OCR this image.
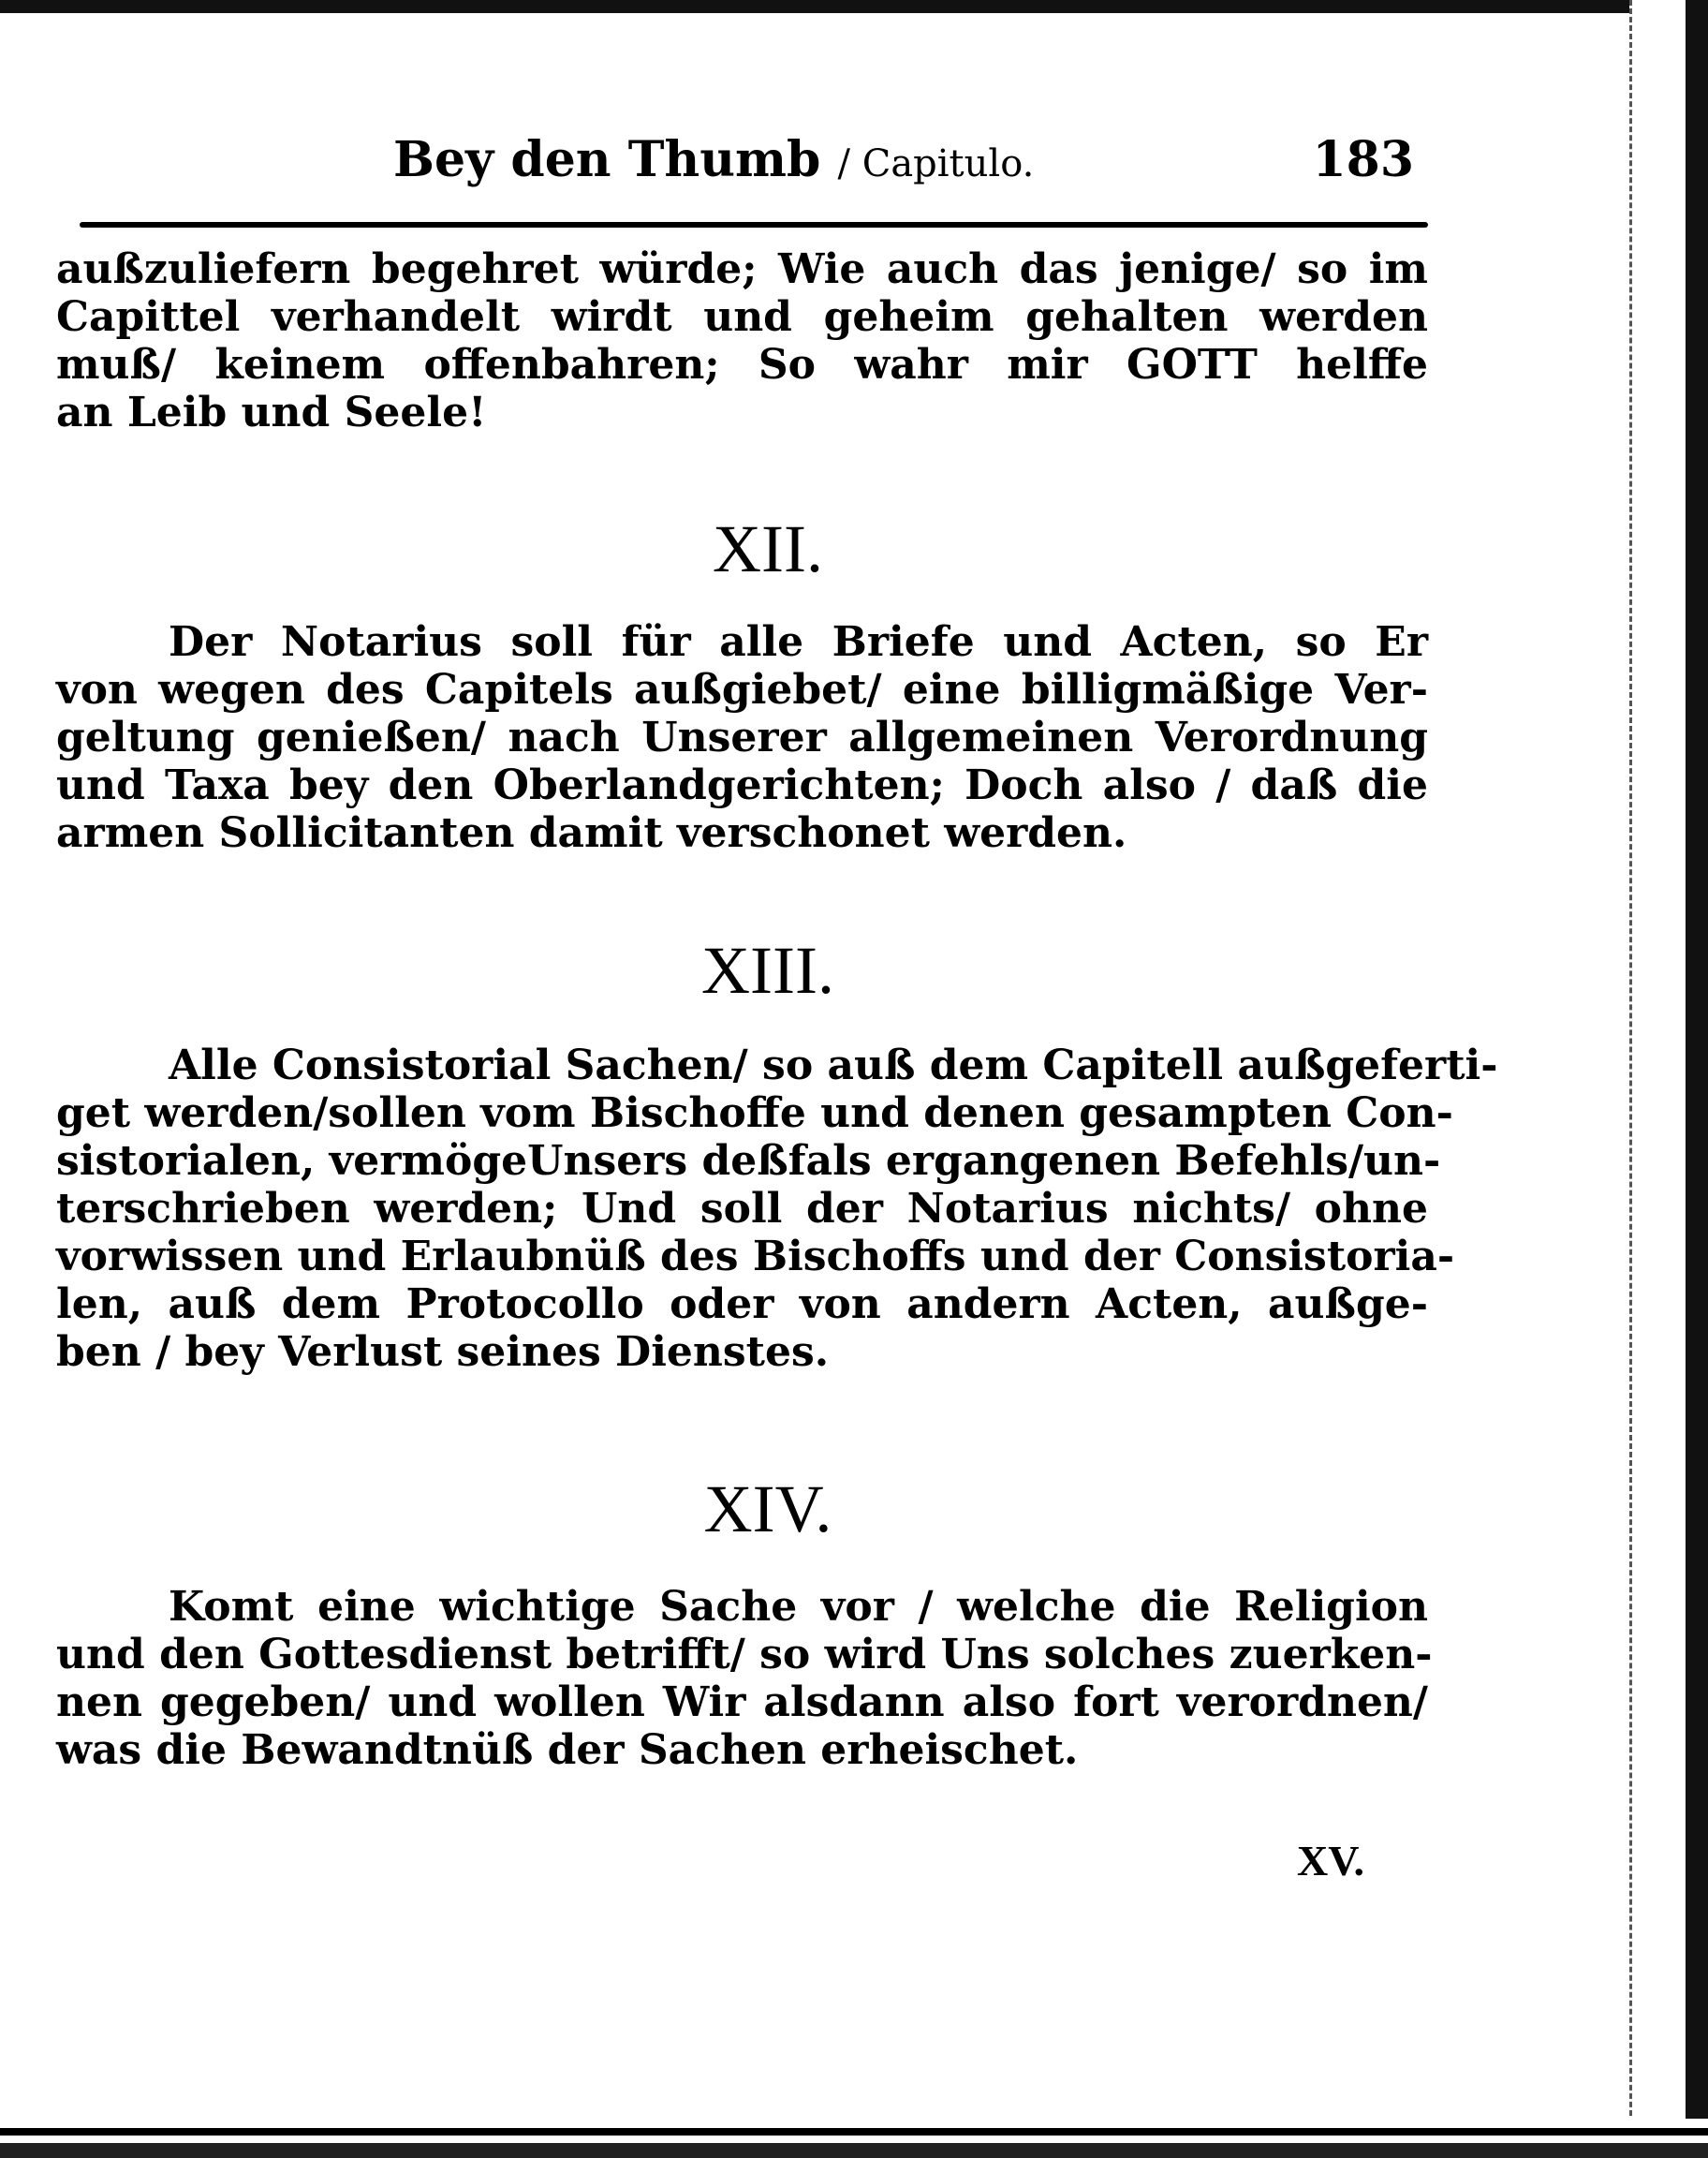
Bey den Thumb / Capitulo.	183
außzuliefern begehret würde; Wie auch das jenige/ so im
Capittel verhandelt wirdt und geheim gehalten werden
muß/ keinem offenbahren; So wahr mir GOTT helffe
an Leib und Seele!
XII.
Der Notarius soll für alle Briefe und Acten, so Er
von wegen des Capitels außgiebet/ eine billigmäßige Ver-
geltung genießen/ nach Unserer allgemeinen Verordnung
und Taxa bey den Oberlandgerichten; Doch also / daß die
armen Sollicitanten damit verschonet werden.
XIII.
Alle Consistorial Sachen/ so auß dem Capitell außgeferti-
get werden/sollen vom Bischoffe und denen gesampten Con-
sistorialen, vermögeUnsers deßfals ergangenen Befehls/un-
terschrieben werden; Und soll der Notarius nichts/ ohne
vorwissen und Erlaubnüß des Bischoffs und der Consistoria-
len, auß dem Protocollo oder von andern Acten, außge-
ben / bey Verlust seines Dienstes.
XIV.
Komt eine wichtige Sache vor / welche die Religion
und den Gottesdienst betrifft/ so wird Uns solches zuerken-
nen gegeben/ und wollen Wir alsdann also fort verordnen/
was die Bewandtnüß der Sachen erheischet.
XV.
